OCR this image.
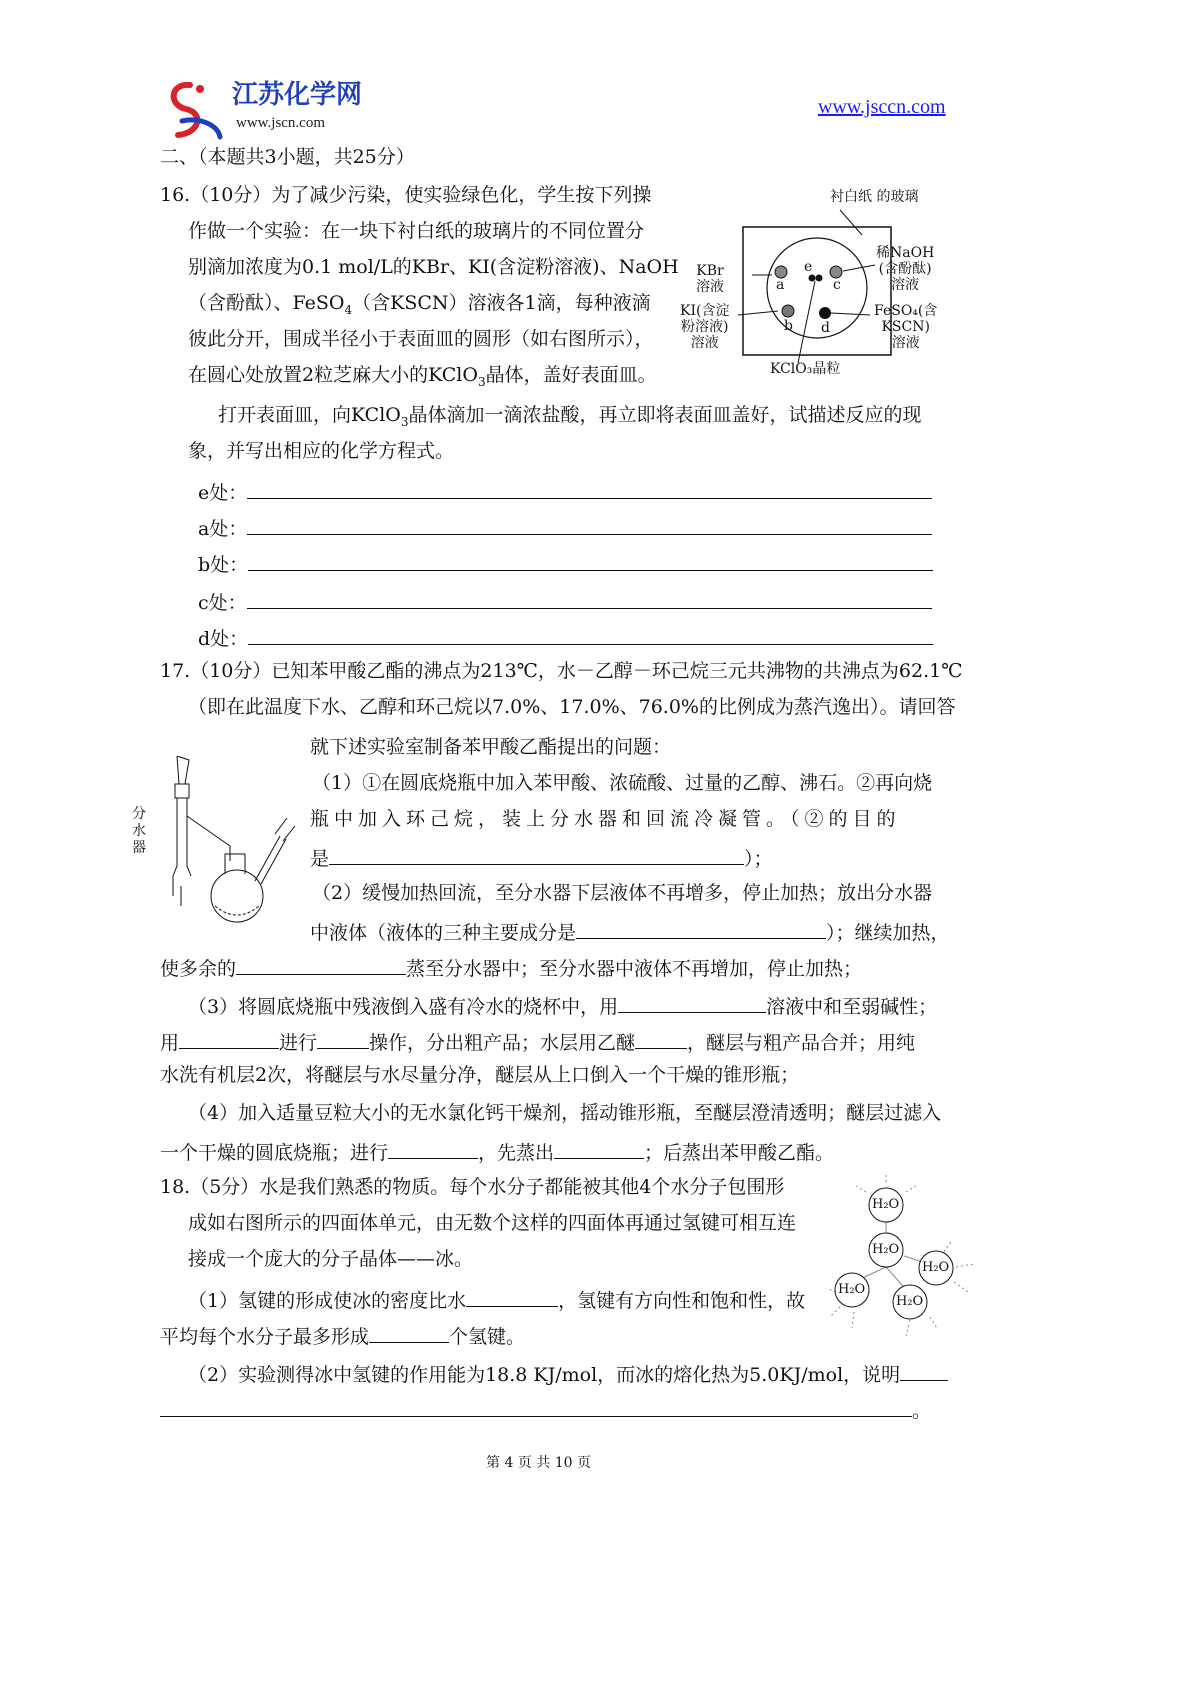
江苏化学网
www.jscn.com
www.jsccn.com
二、（本题共3小题，共25分）
16.（10分）为了减少污染，使实验绿色化，学生按下列操
作做一个实验：在一块下衬白纸的玻璃片的不同位置分
别滴加浓度为0.1 mol/L的KBr、KI(含淀粉溶液)、NaOH
（含酚酞）、FeSO$_4$（含KSCN）溶液各1滴，每种液滴
彼此分开，围成半径小于表面皿的圆形（如右图所示），
在圆心处放置2粒芝麻大小的KClO$_3$晶体，盖好表面皿。
打开表面皿，向KClO$_3$晶体滴加一滴浓盐酸，再立即将表面皿盖好，试描述反应的现
象，并写出相应的化学方程式。
e处：
a处：
b处：
c处：
d处：
衬白纸 的玻璃
稀NaOH
(含酚酞)
溶液
KBr
溶液
KI(含淀
粉溶液)
溶液
FeSO₄(含
KSCN)
溶液
KClO₃晶粒
a
b
c
d
e
17.（10分）已知苯甲酸乙酯的沸点为213℃，水－乙醇－环己烷三元共沸物的共沸点为62.1℃
（即在此温度下水、乙醇和环己烷以7.0%、17.0%、76.0%的比例成为蒸汽逸出）。请回答
就下述实验室制备苯甲酸乙酯提出的问题：
（1）①在圆底烧瓶中加入苯甲酸、浓硫酸、过量的乙醇、沸石。②再向烧
瓶中加入环己烷，装上分水器和回流冷凝管。（②的目的
是	）；
（2）缓慢加热回流，至分水器下层液体不再增多，停止加热；放出分水器
中液体（液体的三种主要成分是	）；继续加热，
使多余的	蒸至分水器中；至分水器中液体不再增加，停止加热；
（3）将圆底烧瓶中残液倒入盛有冷水的烧杯中，用	溶液中和至弱碱性；
用	进行	操作，分出粗产品；水层用乙醚	，醚层与粗产品合并；用纯
水洗有机层2次，将醚层与水尽量分净，醚层从上口倒入一个干燥的锥形瓶；
（4）加入适量豆粒大小的无水氯化钙干燥剂，摇动锥形瓶，至醚层澄清透明；醚层过滤入
一个干燥的圆底烧瓶；进行	，先蒸出	；后蒸出苯甲酸乙酯。
分
水
器
18.（5分）水是我们熟悉的物质。每个水分子都能被其他4个水分子包围形
成如右图所示的四面体单元，由无数个这样的四面体再通过氢键可相互连
接成一个庞大的分子晶体——冰。
（1）氢键的形成使冰的密度比水	，氢键有方向性和饱和性，故
平均每个水分子最多形成	个氢键。
（2）实验测得冰中氢键的作用能为18.8 KJ/mol，而冰的熔化热为5.0KJ/mol，说明
。
H₂O
H₂O
H₂O
H₂O
H₂O
第 4 页 共 10 页
